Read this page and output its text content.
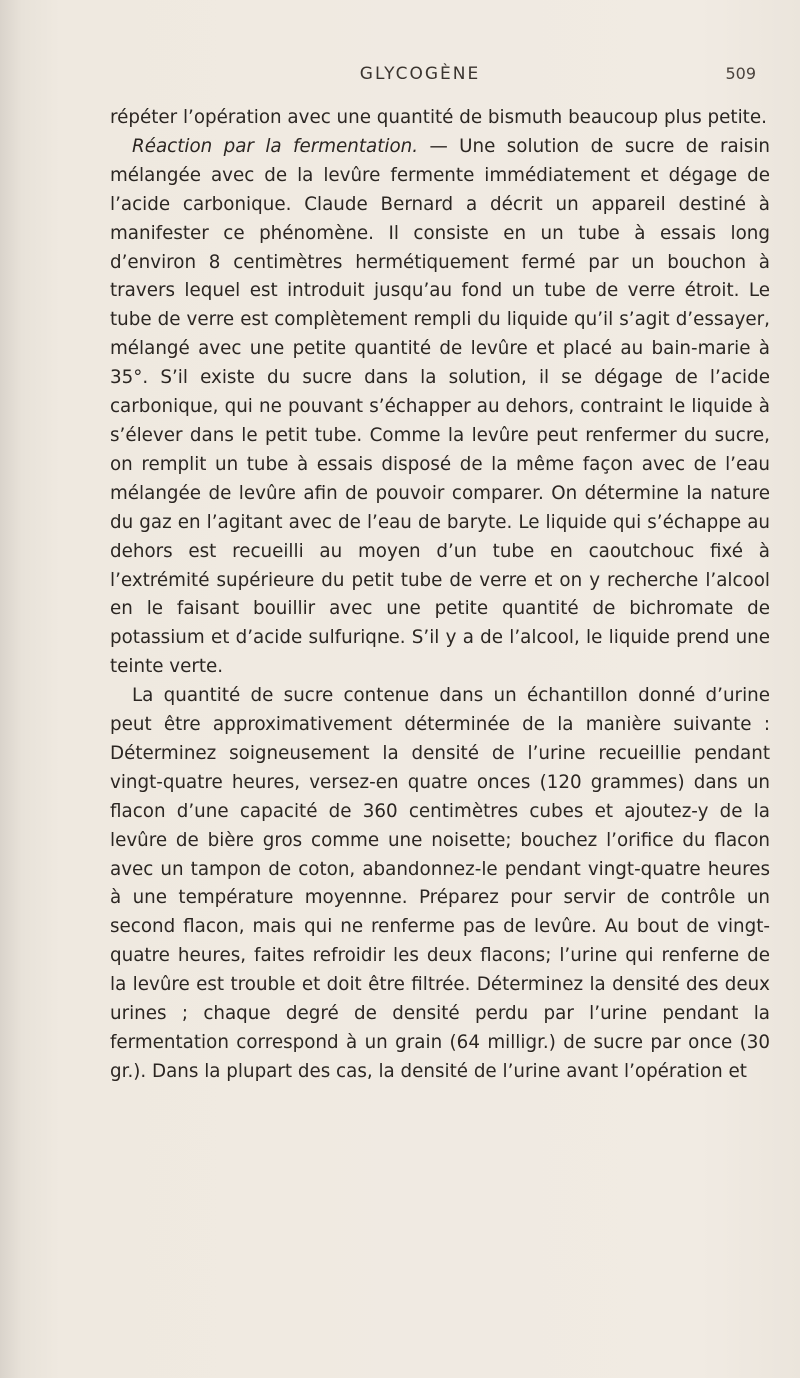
GLYCOGÈNE	509

répéter l’opération avec une quantité de bismuth beaucoup plus petite.

Réaction par la fermentation. — Une solution de sucre de raisin mélangée avec de la levûre fermente immédiatement et dégage de l’acide carbonique. Claude Bernard a décrit un appareil destiné à manifester ce phénomène. Il consiste en un tube à essais long d’environ 8 centimètres hermétiquement fermé par un bouchon à travers lequel est introduit jusqu’au fond un tube de verre étroit. Le tube de verre est complètement rempli du liquide qu’il s’agit d’essayer, mélangé avec une petite quantité de levûre et placé au bain-marie à 35°. S’il existe du sucre dans la solution, il se dégage de l’acide carbonique, qui ne pouvant s’échapper au dehors, contraint le liquide à s’élever dans le petit tube. Comme la levûre peut renfermer du sucre, on remplit un tube à essais disposé de la même façon avec de l’eau mélangée de levûre afin de pouvoir comparer. On détermine la nature du gaz en l’agitant avec de l’eau de baryte. Le liquide qui s’échappe au dehors est recueilli au moyen d’un tube en caoutchouc fixé à l’extrémité supérieure du petit tube de verre et on y recherche l’alcool en le faisant bouillir avec une petite quantité de bichromate de potassium et d’acide sulfuriqne. S’il y a de l’alcool, le liquide prend une teinte verte.

La quantité de sucre contenue dans un échantillon donné d’urine peut être approximativement déterminée de la manière suivante : Déterminez soigneusement la densité de l’urine recueillie pendant vingt-quatre heures, versez-en quatre onces (120 grammes) dans un flacon d’une capacité de 360 centimètres cubes et ajoutez-y de la levûre de bière gros comme une noisette; bouchez l’orifice du flacon avec un tampon de coton, abandonnez-le pendant vingt-quatre heures à une température moyennne. Préparez pour servir de contrôle un second flacon, mais qui ne renferme pas de levûre. Au bout de vingt-quatre heures, faites refroidir les deux flacons; l’urine qui renferne de la levûre est trouble et doit être filtrée. Déterminez la densité des deux urines ; chaque degré de densité perdu par l’urine pendant la fermentation correspond à un grain (64 milligr.) de sucre par once (30 gr.). Dans la plupart des cas, la densité de l’urine avant l’opération et
